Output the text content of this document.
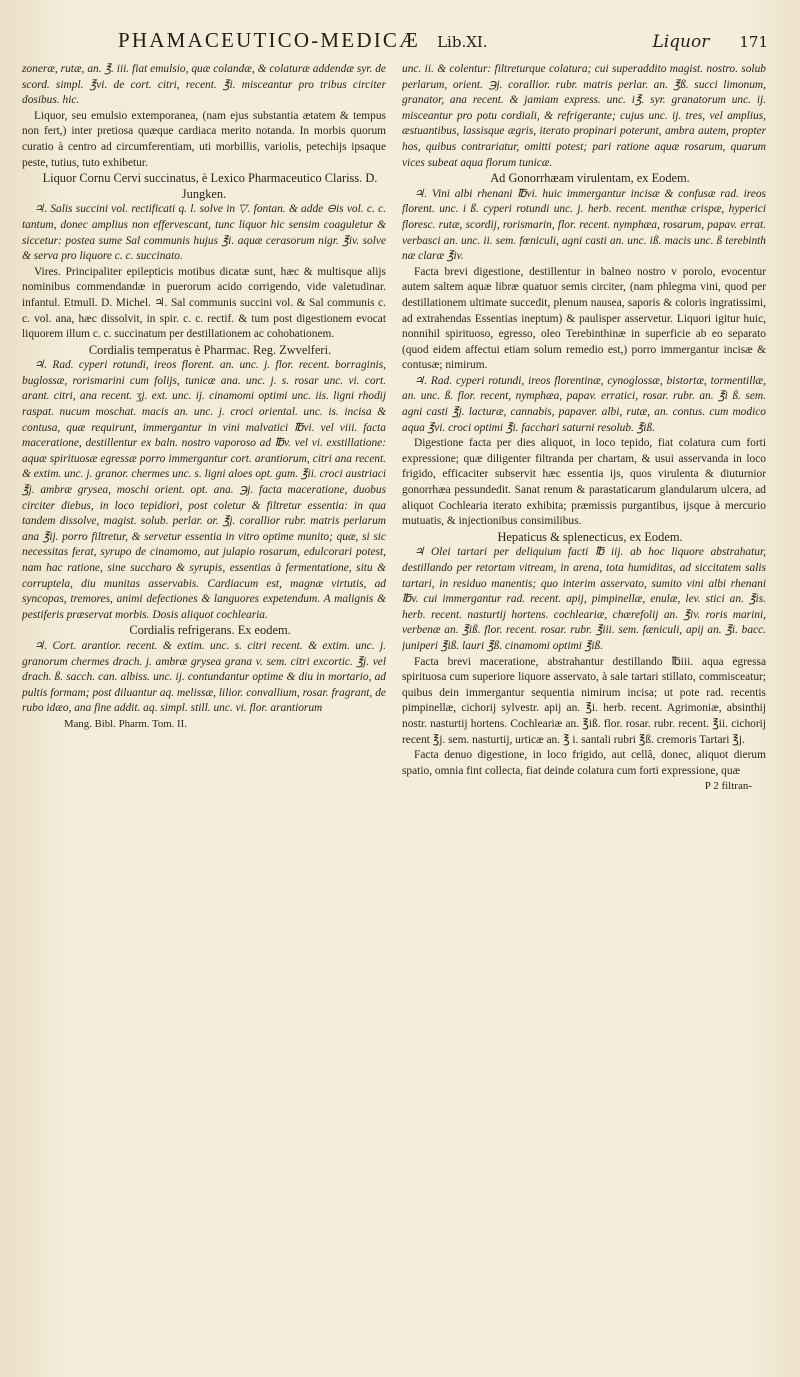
PHAMACEUTICO-MEDICÆ Lib.XI.	Liquor 171

zoneræ, rutæ, an. ℥. iii. fiat emulsio, quæ colandæ, & colaturæ addendæ syr. de scord. simpl. ℥vi. de cort. citri, recent. ℥i. misceantur pro tribus circiter dosibus. hic.

Liquor, seu emulsio extemporanea, (nam ejus substantia ætatem & tempus non fert,) inter pretiosa quæque cardiaca merito notanda. In morbis quorum curatio à centro ad circumferentiam, uti morbillis, variolis, petechijs ipsaque peste, tutius, tuto exhibetur.

Liquor Cornu Cervi succinatus, è Lexico Pharmaceutico Clariss. D. Jungken.

♃. Salis succini vol. rectificati q. l. solve in ▽. fontan. & adde ⊖is vol. c. c. tantum, donec amplius non effervescant, tunc liquor hic sensim coaguletur & siccetur: postea sume Sal communis hujus ℥i. aquæ cerasorum nigr. ℥iv. solve & serva pro liquore c. c. succinato.

Vires. Principaliter epilepticis motibus dicatæ sunt, hæc & multisque alijs nominibus commendandæ in puerorum acido corrigendo, vide valetudinar. infantul. Etmull. D. Michel. ♃. Sal communis succini vol. & Sal communis c. c. vol. ana, hæc dissolvit, in spir. c. c. rectif. & tum post digestionem evocat liquorem illum c. c. succinatum per destillationem ac cohobationem.

Cordialis temperatus è Pharmac. Reg. Zwvelferi.

♃. Rad. cyperi rotundi, ireos florent. an. unc. j. flor. recent. borraginis, buglossæ, rorismarini cum folijs, tunicæ ana. unc. j. s. rosar unc. vi. cort. arant. citri, ana recent. ʒj. ext. unc. ij. cinamomi optimi unc. iis. ligni rhodij raspat. nucum moschat. macis an. unc. j. croci oriental. unc. is. incisa & contusa, quæ requirunt, immergantur in vini malvatici ℔vi. vel viii. facta maceratione, destillentur ex baln. nostro vaporoso ad ℔v. vel vi. exstillatione: aquæ spirituosæ egressæ porro immergantur cort. arantiorum, citri ana recent. & extim. unc. j. granor. chermes unc. s. ligni aloes opt. gum. ℥ii. croci austriaci ℥j. ambræ grysea, moschi orient. opt. ana. ℈j. facta maceratione, duobus circiter diebus, in loco tepidiori, post coletur & filtretur essentia: in qua tandem dissolve, magist. solub. perlar. or. ℥j. corallior rubr. matris perlarum ana ℥ij. porro filtretur, & servetur essentia in vitro optime munito; quæ, si sic necessitas ferat, syrupo de cinamomo, aut julapio rosarum, edulcorari potest, nam hac ratione, sine succharo & syrupis, essentias à fermentatione, situ & corruptela, diu munitas asservabis. Cardiacum est, magnæ virtutis, ad syncopas, tremores, animi defectiones & languores expetendum. A malignis & pestiferis præservat morbis. Dosis aliquot cochlearia.

Cordialis refrigerans. Ex eodem.

♃. Cort. arantior. recent. & extim. unc. s. citri recent. & extim. unc. j. granorum chermes drach. j. ambræ grysea grana v. sem. citri excortic. ℥j. vel drach. ß. sacch. can. albiss. unc. ij. contundantur optime & diu in mortario, ad pultis formam; post diluantur aq. melissæ, lilior. convallium, rosar. fragrant, de rubo idæo, ana fine addit. aq. simpl. still. unc. vi. flor. arantiorum

Mang. Bibl. Pharm. Tom. II.

unc. ii. & colentur: filtreturque colatura; cui superaddito magist. nostro. solub perlarum, orient. ℈j. corallior. rubr. matris perlar. an. ℥ß. succi limonum, granator, ana recent. & jamiam express. unc. i℥. syr. granatorum unc. ij. misceantur pro potu cordiali, & refrigerante; cujus unc. ij. tres, vel amplius, æstuantibus, lassisque ægris, iterato propinari poterunt, ambra autem, propter hos, quibus contrariatur, omitti potest; pari ratione aquæ rosarum, quarum vices subeat aqua florum tunicæ.

Ad Gonorrhæam virulentam, ex Eodem.

♃. Vini albi rhenani ℔vi. huic immergantur incisæ & confusæ rad. ireos florent. unc. i ß. cyperi rotundi unc. j. herb. recent. menthæ crispæ, hyperici floresc. rutæ, scordij, rorismarin, flor. recent. nymphæa, rosarum, papav. errat. verbasci an. unc. ii. sem. fœniculi, agni casti an. unc. iß. macis unc. ß terebinth næ claræ ℥iv.

Facta brevi digestione, destillentur in balneo nostro v porolo, evocentur autem saltem aquæ libræ quatuor semis circiter, (nam phlegma vini, quod per destillationem ultimate succedit, plenum nausea, saporis & coloris ingratissimi, ad extrahendas Essentias ineptum) & paulisper asservetur. Liquori igitur huic, nonnihil spirituoso, egresso, oleo Terebinthinæ in superficie ab eo separato (quod eidem affectui etiam solum remedio est,) porro immergantur incisæ & contusæ; nimirum.

♃. Rad. cyperi rotundi, ireos florentinæ, cynoglossæ, bistortæ, tormentillæ, an. unc. ß. flor. recent, nymphæa, papav. erratici, rosar. rubr. an. ℥i ß. sem. agni casti ℥j. lacturæ, cannabis, papaver. albi, rutæ, an. contus. cum modico aqua ℥vi. croci optimi ℥i. facchari saturni resolub. ℥iß.

Digestione facta per dies aliquot, in loco tepido, fiat colatura cum forti expressione; quæ diligenter filtranda per chartam, & usui asservanda in loco frigido, efficaciter subservit hæc essentia ijs, quos virulenta & diuturnior gonorrhæa pessundedit. Sanat renum & parastaticarum glandularum ulcera, ad aliquot Cochlearia iterato exhibita; præmissis purgantibus, ijsque à mercurio mutuatis, & injectionibus consimilibus.

Hepaticus & splenecticus, ex Eodem.

♃ Olei tartari per deliquium facti ℔ iij. ab hoc liquore abstrahatur, destillando per retortam vitream, in arena, tota humiditas, ad siccitatem salis tartari, in residuo manentis; quo interim asservato, sumito vini albi rhenani ℔v. cui immergantur rad. recent. apij, pimpinellæ, enulæ, lev. stici an. ℥is. herb. recent. nasturtij hortens. cochleariæ, chærefolij an. ℥iv. roris marini, verbenæ an. ℥iß. flor. recent. rosar. rubr. ℥iii. sem. fæniculi, apij an. ℥i. bacc. juniperi ℥iß. lauri ℥ß. cinamomi optimi ℥iß.

Facta brevi maceratione, abstrahantur destillando ℔iii. aqua egressa spirituosa cum superiore liquore asservato, à sale tartari stillato, commisceatur; quibus dein immergantur sequentia nimirum incisa; ut pote rad. recentis pimpinellæ, cichorij sylvestr. apij an. ℥i. herb. recent. Agrimoniæ, absinthij nostr. nasturtij hortens. Cochleariæ an. ℥iß. flor. rosar. rubr. recent. ℥ii. cichorij recent ℥j. sem. nasturtij, urticæ an. ℥ i. santali rubri ℥ß. cremoris Tartari ℥j.

Facta denuo digestione, in loco frigido, aut cellâ, donec, aliquot dierum spatio, omnia fint collecta, fiat deinde colatura cum forti expressione, quæ

P 2 filtran-
